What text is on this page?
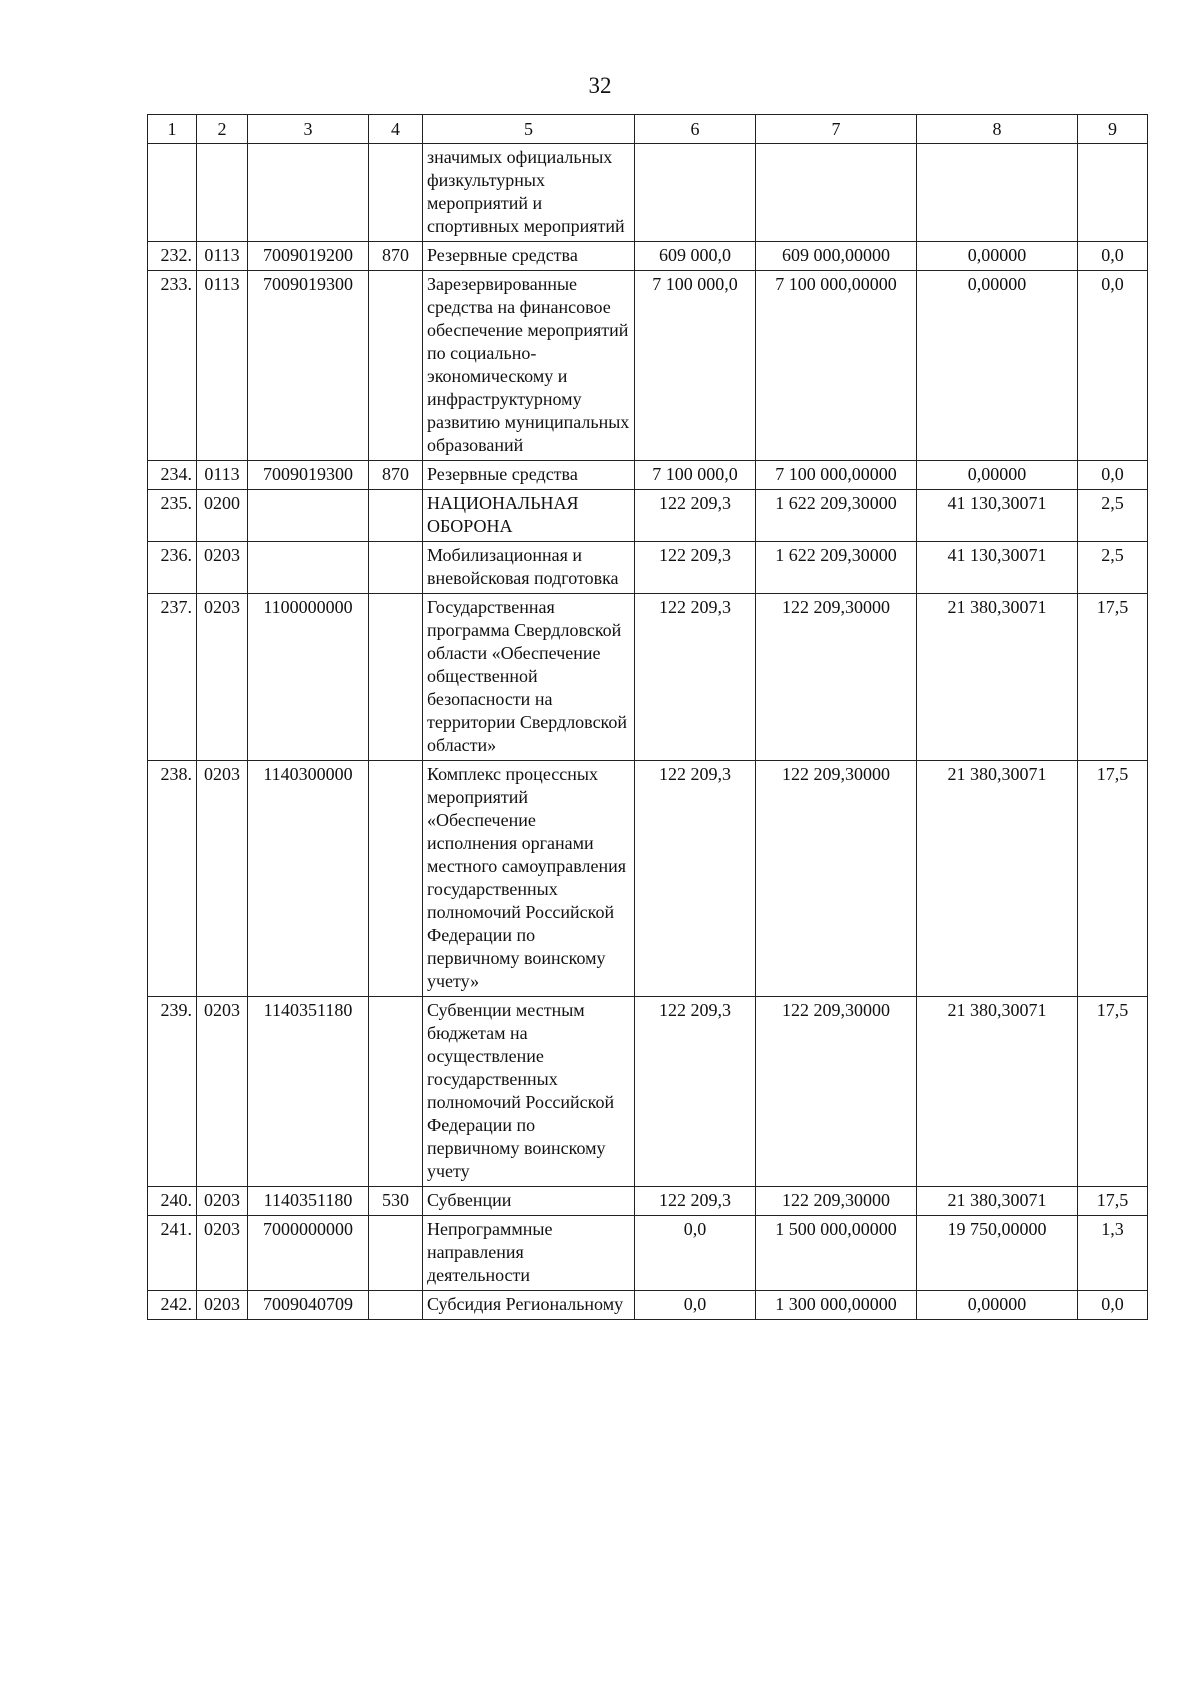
32
1	2	3	4	5	6	7	8	9
				значимых официальных физкультурных мероприятий и спортивных мероприятий				
232.	0113	7009019200	870	Резервные средства	609 000,0	609 000,00000	0,00000	0,0
233.	0113	7009019300		Зарезервированные средства на финансовое обеспечение мероприятий по социально-экономическому и инфраструктурному развитию муниципальных образований	7 100 000,0	7 100 000,00000	0,00000	0,0
234.	0113	7009019300	870	Резервные средства	7 100 000,0	7 100 000,00000	0,00000	0,0
235.	0200			НАЦИОНАЛЬНАЯ ОБОРОНА	122 209,3	1 622 209,30000	41 130,30071	2,5
236.	0203			Мобилизационная и вневойсковая подготовка	122 209,3	1 622 209,30000	41 130,30071	2,5
237.	0203	1100000000		Государственная программа Свердловской области «Обеспечение общественной безопасности на территории Свердловской области»	122 209,3	122 209,30000	21 380,30071	17,5
238.	0203	1140300000		Комплекс процессных мероприятий «Обеспечение исполнения органами местного самоуправления государственных полномочий Российской Федерации по первичному воинскому учету»	122 209,3	122 209,30000	21 380,30071	17,5
239.	0203	1140351180		Субвенции местным бюджетам на осуществление государственных полномочий Российской Федерации по первичному воинскому учету	122 209,3	122 209,30000	21 380,30071	17,5
240.	0203	1140351180	530	Субвенции	122 209,3	122 209,30000	21 380,30071	17,5
241.	0203	7000000000		Непрограммные направления деятельности	0,0	1 500 000,00000	19 750,00000	1,3
242.	0203	7009040709		Субсидия Региональному	0,0	1 300 000,00000	0,00000	0,0
